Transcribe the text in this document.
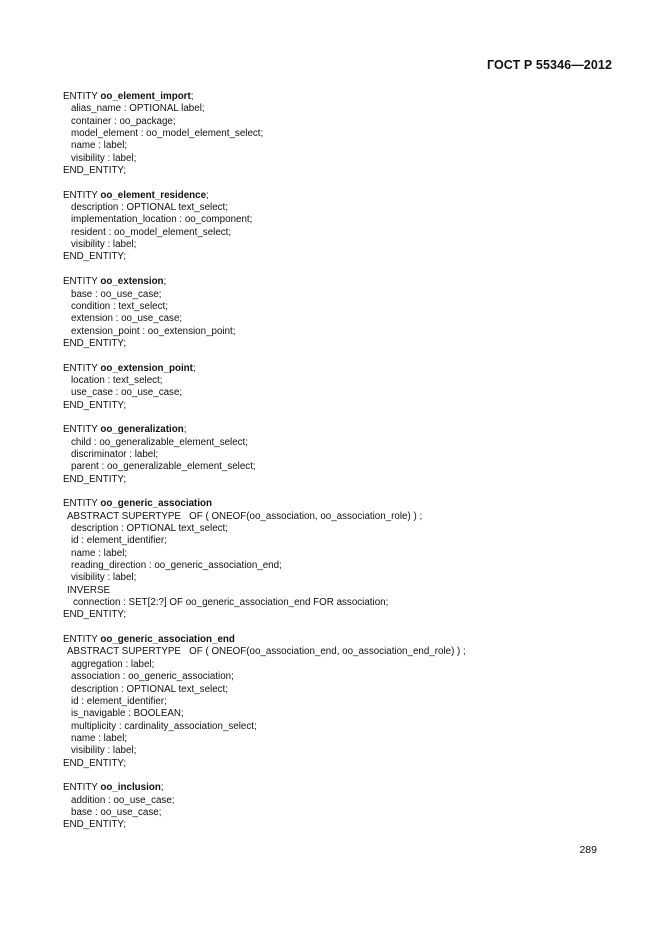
ГОСТ Р 55346—2012
ENTITY oo_element_import;
alias_name : OPTIONAL label;
container : oo_package;
model_element : oo_model_element_select;
name : label;
visibility : label;
END_ENTITY;
ENTITY oo_element_residence;
description : OPTIONAL text_select;
implementation_location : oo_component;
resident : oo_model_element_select;
visibility : label;
END_ENTITY;
ENTITY oo_extension;
base : oo_use_case;
condition : text_select;
extension : oo_use_case;
extension_point : oo_extension_point;
END_ENTITY;
ENTITY oo_extension_point;
location : text_select;
use_case : oo_use_case;
END_ENTITY;
ENTITY oo_generalization;
child : oo_generalizable_element_select;
discriminator : label;
parent : oo_generalizable_element_select;
END_ENTITY;
ENTITY oo_generic_association
ABSTRACT SUPERTYPE   OF ( ONEOF(oo_association, oo_association_role) ) ;
description : OPTIONAL text_select;
id : element_identifier;
name : label;
reading_direction : oo_generic_association_end;
visibility : label;
INVERSE
connection : SET[2:?] OF oo_generic_association_end FOR association;
END_ENTITY;
ENTITY oo_generic_association_end
ABSTRACT SUPERTYPE   OF ( ONEOF(oo_association_end, oo_association_end_role) ) ;
aggregation : label;
association : oo_generic_association;
description : OPTIONAL text_select;
id : element_identifier;
is_navigable : BOOLEAN;
multiplicity : cardinality_association_select;
name : label;
visibility : label;
END_ENTITY;
ENTITY oo_inclusion;
addition : oo_use_case;
base : oo_use_case;
END_ENTITY;
289
